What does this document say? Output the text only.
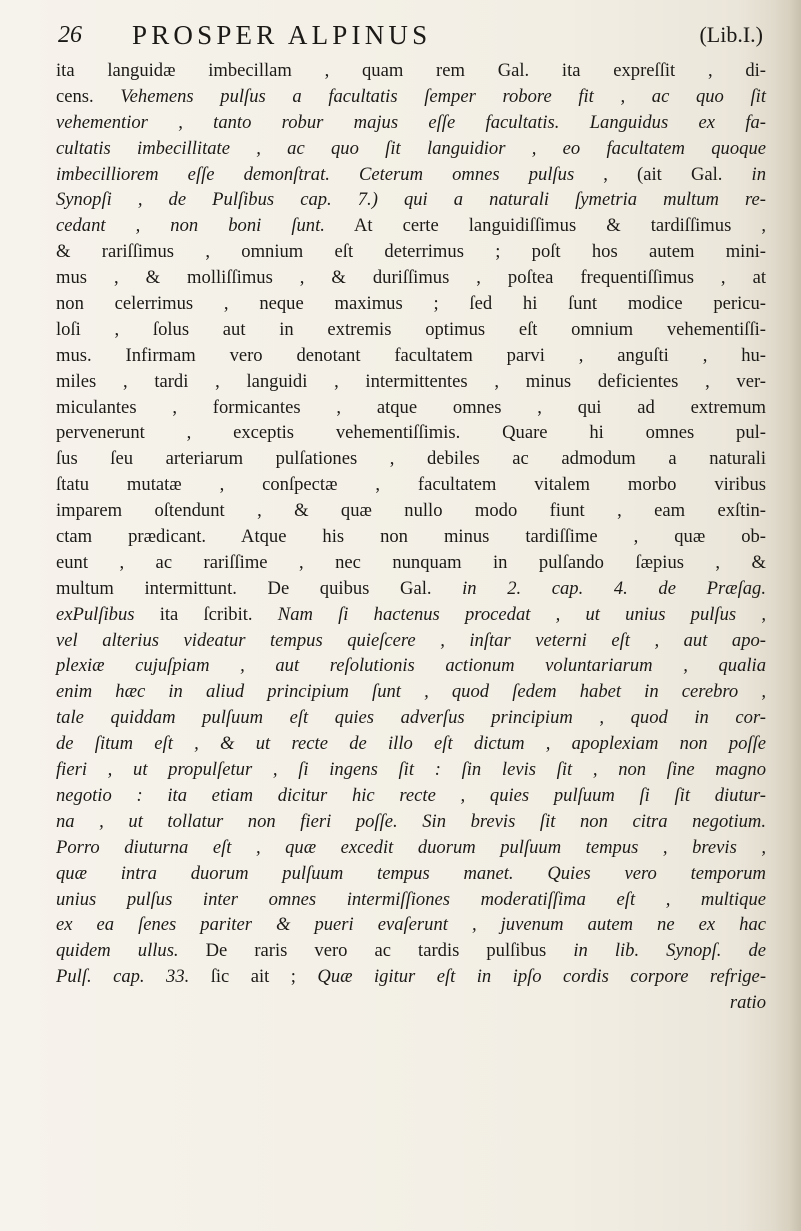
26 PROSPER ALPINUS	(Lib.I.)
ita languidæ imbecillam , quam rem Gal. ita expreſſit , di-
cens. Vehemens pulſus a facultatis ſemper robore fit , ac quo ſit
vehementior , tanto robur majus eſſe facultatis. Languidus ex fa-
cultatis imbecillitate , ac quo ſit languidior , eo facultatem quoque
imbecilliorem eſſe demonſtrat. Ceterum omnes pulſus , (ait Gal. in
Synopſi , de Pulſibus cap. 7.) qui a naturali ſymetria multum re-
cedant , non boni ſunt. At certe languidiſſimus & tardiſſimus ,
& rariſſimus , omnium eſt deterrimus ; poſt hos autem mini-
mus , & molliſſimus , & duriſſimus , poſtea frequentiſſimus , at
non celerrimus , neque maximus ; ſed hi ſunt modice pericu-
loſi , ſolus aut in extremis optimus eſt omnium vehementiſſi-
mus. Infirmam vero denotant facultatem parvi , anguſti , hu-
miles , tardi , languidi , intermittentes , minus deficientes , ver-
miculantes , formicantes , atque omnes , qui ad extremum
pervenerunt , exceptis vehementiſſimis. Quare hi omnes pul-
ſus ſeu arteriarum pulſationes , debiles ac admodum a naturali
ſtatu mutatæ , conſpectæ , facultatem vitalem morbo viribus
imparem oſtendunt , & quæ nullo modo fiunt , eam exſtin-
ctam prædicant. Atque his non minus tardiſſime , quæ ob-
eunt , ac rariſſime , nec nunquam in pulſando ſæpius , &
multum intermittunt. De quibus Gal. in 2. cap. 4. de Præſag.
exPulſibus ita ſcribit. Nam ſi hactenus procedat , ut unius pulſus ,
vel alterius videatur tempus quieſcere , inſtar veterni eſt , aut apo-
plexiæ cujuſpiam , aut reſolutionis actionum voluntariarum , qualia
enim hæc in aliud principium ſunt , quod ſedem habet in cerebro ,
tale quiddam pulſuum eſt quies adverſus principium , quod in cor-
de ſitum eſt , & ut recte de illo eſt dictum , apoplexiam non poſſe
fieri , ut propulſetur , ſi ingens ſit : ſin levis ſit , non ſine magno
negotio : ita etiam dicitur hic recte , quies pulſuum ſi ſit diutur-
na , ut tollatur non fieri poſſe. Sin brevis ſit non citra negotium.
Porro diuturna eſt , quæ excedit duorum pulſuum tempus , brevis ,
quæ intra duorum pulſuum tempus manet. Quies vero temporum
unius pulſus inter omnes intermiſſiones moderatiſſima eſt , multique
ex ea ſenes pariter & pueri evaſerunt , juvenum autem ne ex hac
quidem ullus. De raris vero ac tardis pulſibus in lib. Synopſ. de
Pulſ. cap. 33. ſic ait ; Quæ igitur eſt in ipſo cordis corpore refrige-
ratio
